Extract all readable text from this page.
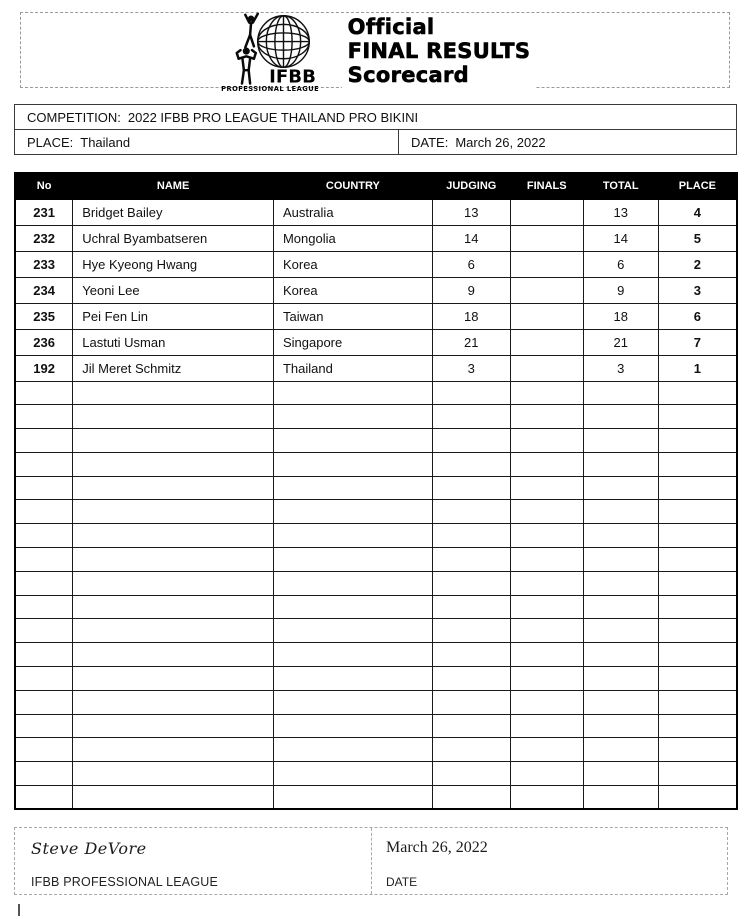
IFBB
PROFESSIONAL LEAGUE
Official
FINAL RESULTS
Scorecard
COMPETITION: 2022 IFBB PRO LEAGUE THAILAND PRO BIKINI
PLACE: Thailand	DATE: March 26, 2022
No	NAME	COUNTRY	JUDGING	FINALS	TOTAL	PLACE
231	Bridget Bailey	Australia	13		13	4
232	Uchral Byambatseren	Mongolia	14		14	5
233	Hye Kyeong Hwang	Korea	6		6	2
234	Yeoni Lee	Korea	9		9	3
235	Pei Fen Lin	Taiwan	18		18	6
236	Lastuti Usman	Singapore	21		21	7
192	Jil Meret Schmitz	Thailand	3		3	1

Steve DeVore
IFBB PROFESSIONAL LEAGUE
March 26, 2022
DATE
